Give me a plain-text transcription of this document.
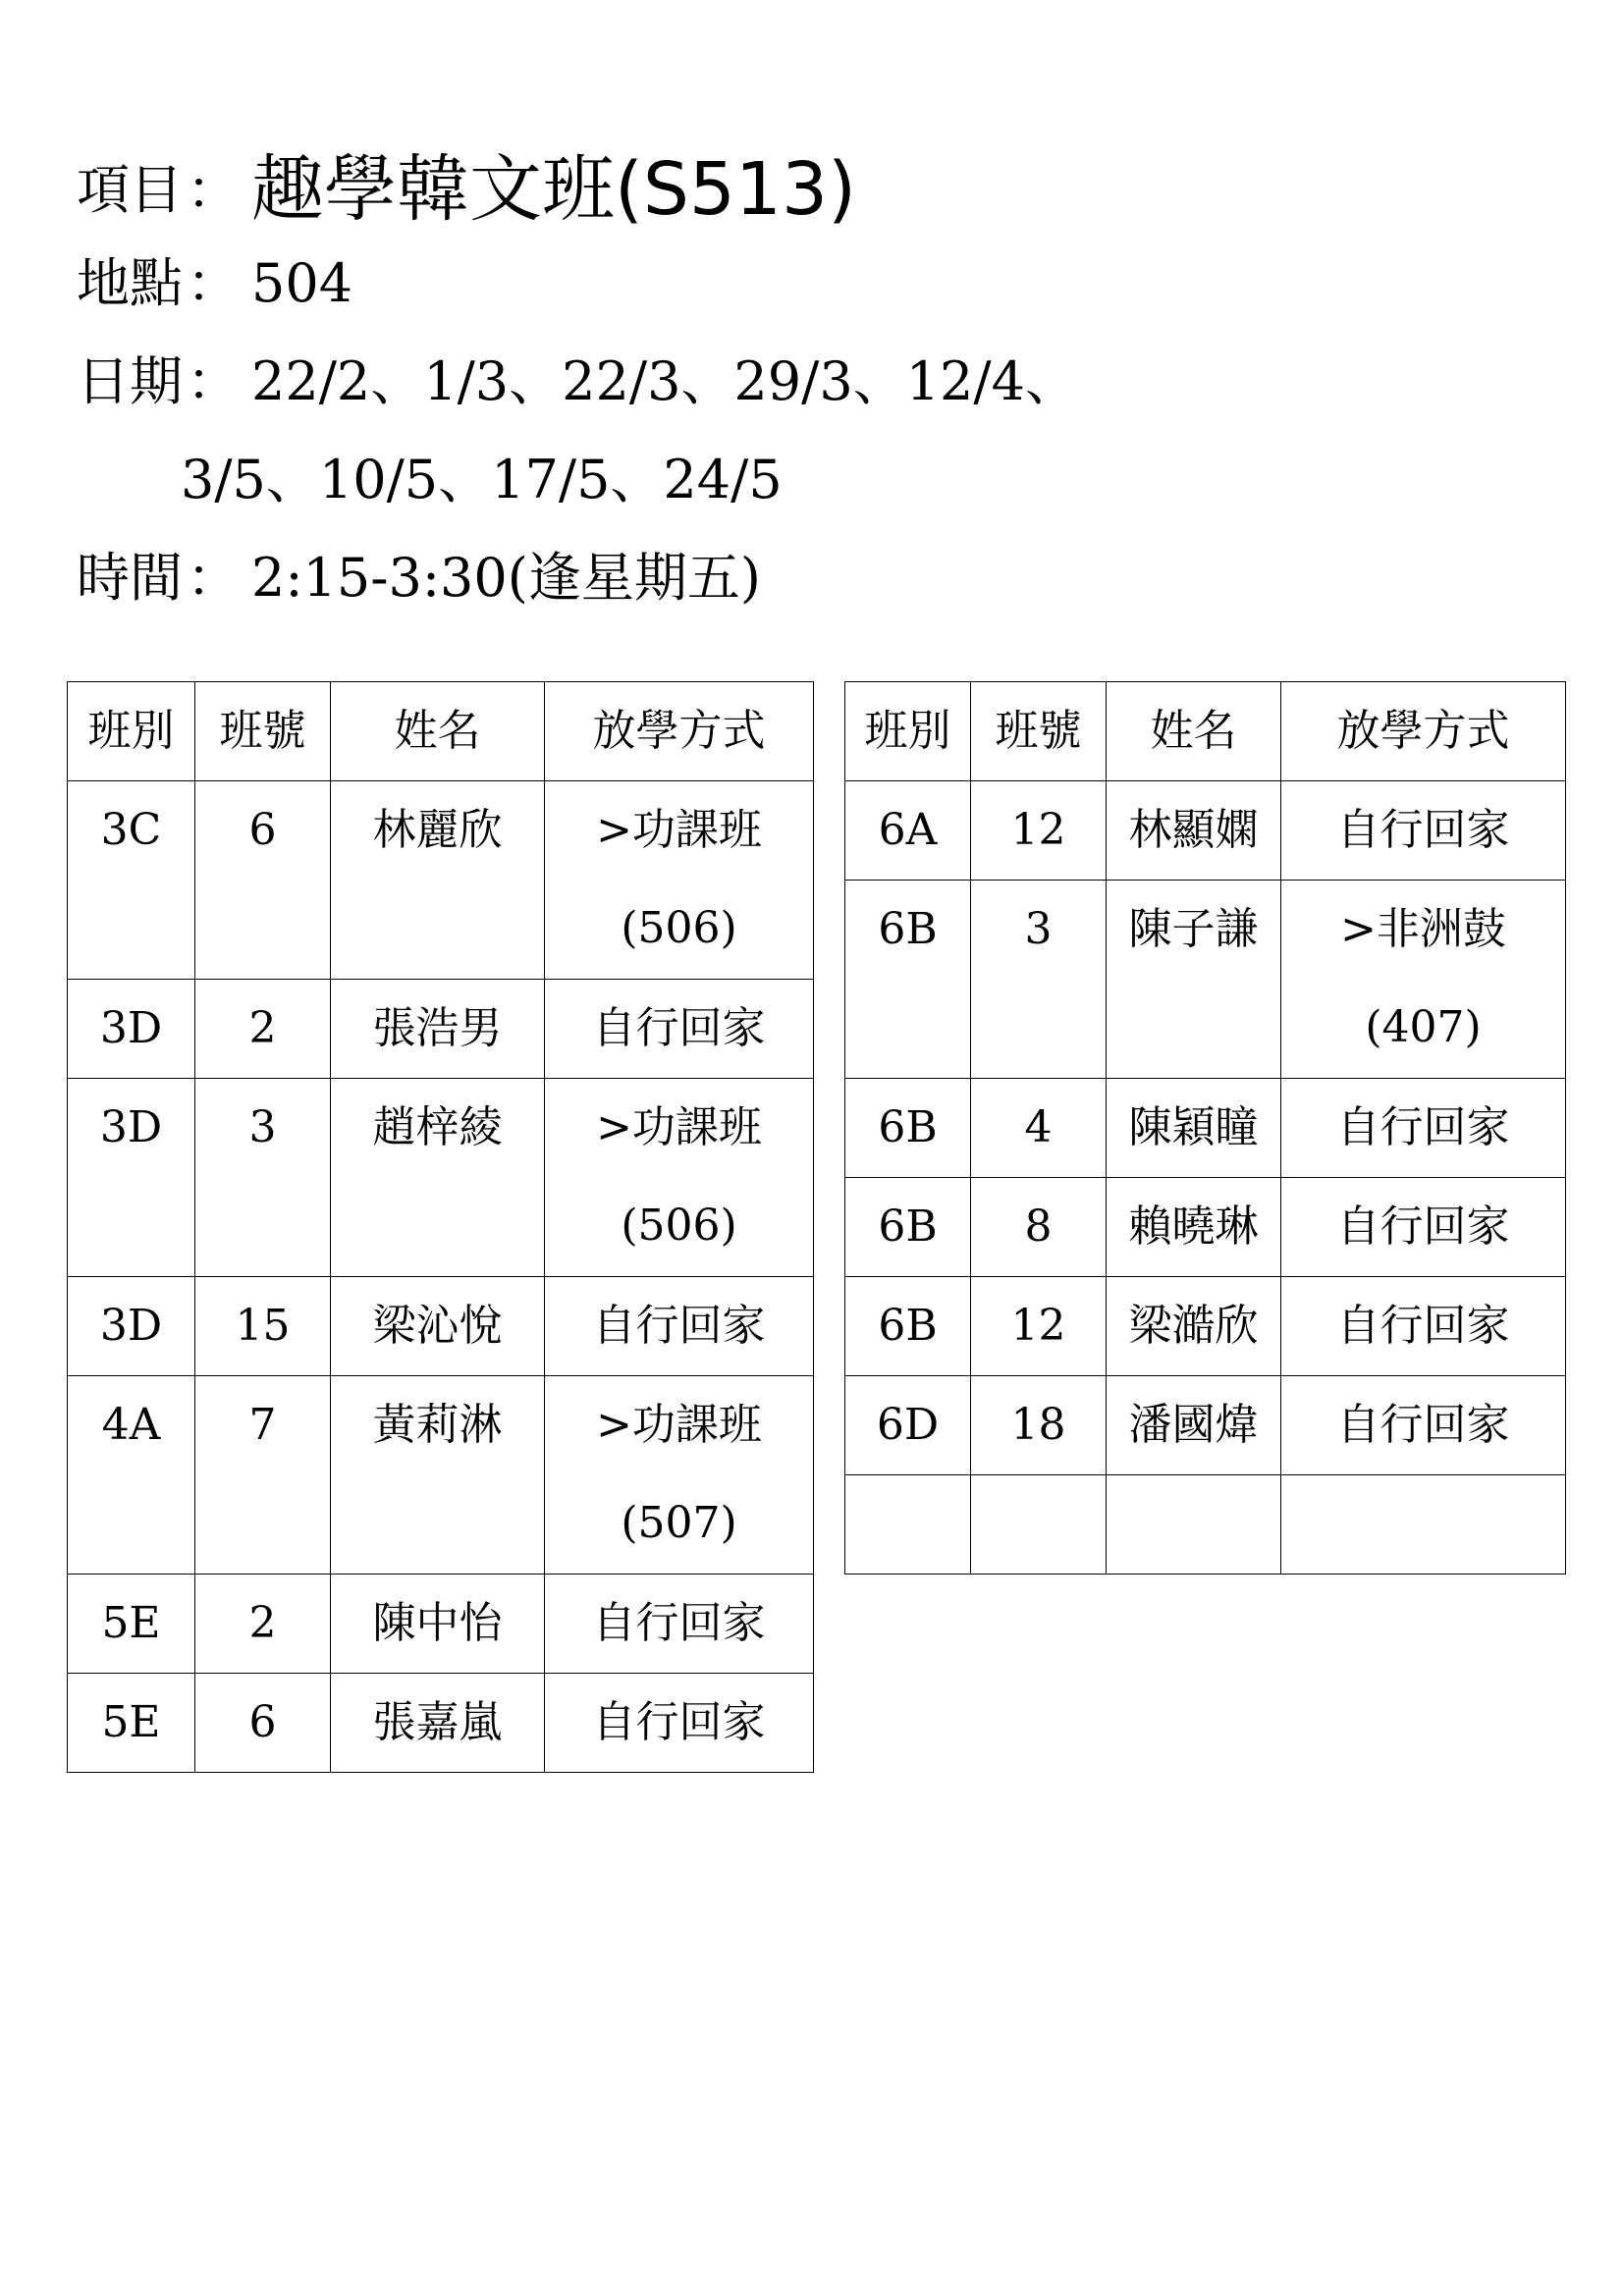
項目： 趣學韓文班(S513)
地點： 504
日期： 22/2、1/3、22/3、29/3、12/4、
3/5、10/5、17/5、24/5
時間： 2:15-3:30(逢星期五)
班別	班號	姓名	放學方式
3C	6	林麗欣	>功課班
(506)

3D	2	張浩男	自行回家
3D	3	趙梓綾	>功課班
(506)

3D	15	梁沁悅	自行回家
4A	7	黃莉淋	>功課班
(507)

5E	2	陳中怡	自行回家
5E	6	張嘉嵐	自行回家
班別	班號	姓名	放學方式
6A	12	林顯嫻	自行回家
6B	3	陳子謙	>非洲鼓
(407)

6B	4	陳穎瞳	自行回家
6B	8	賴曉琳	自行回家
6B	12	梁澔欣	自行回家
6D	18	潘國煒	自行回家
